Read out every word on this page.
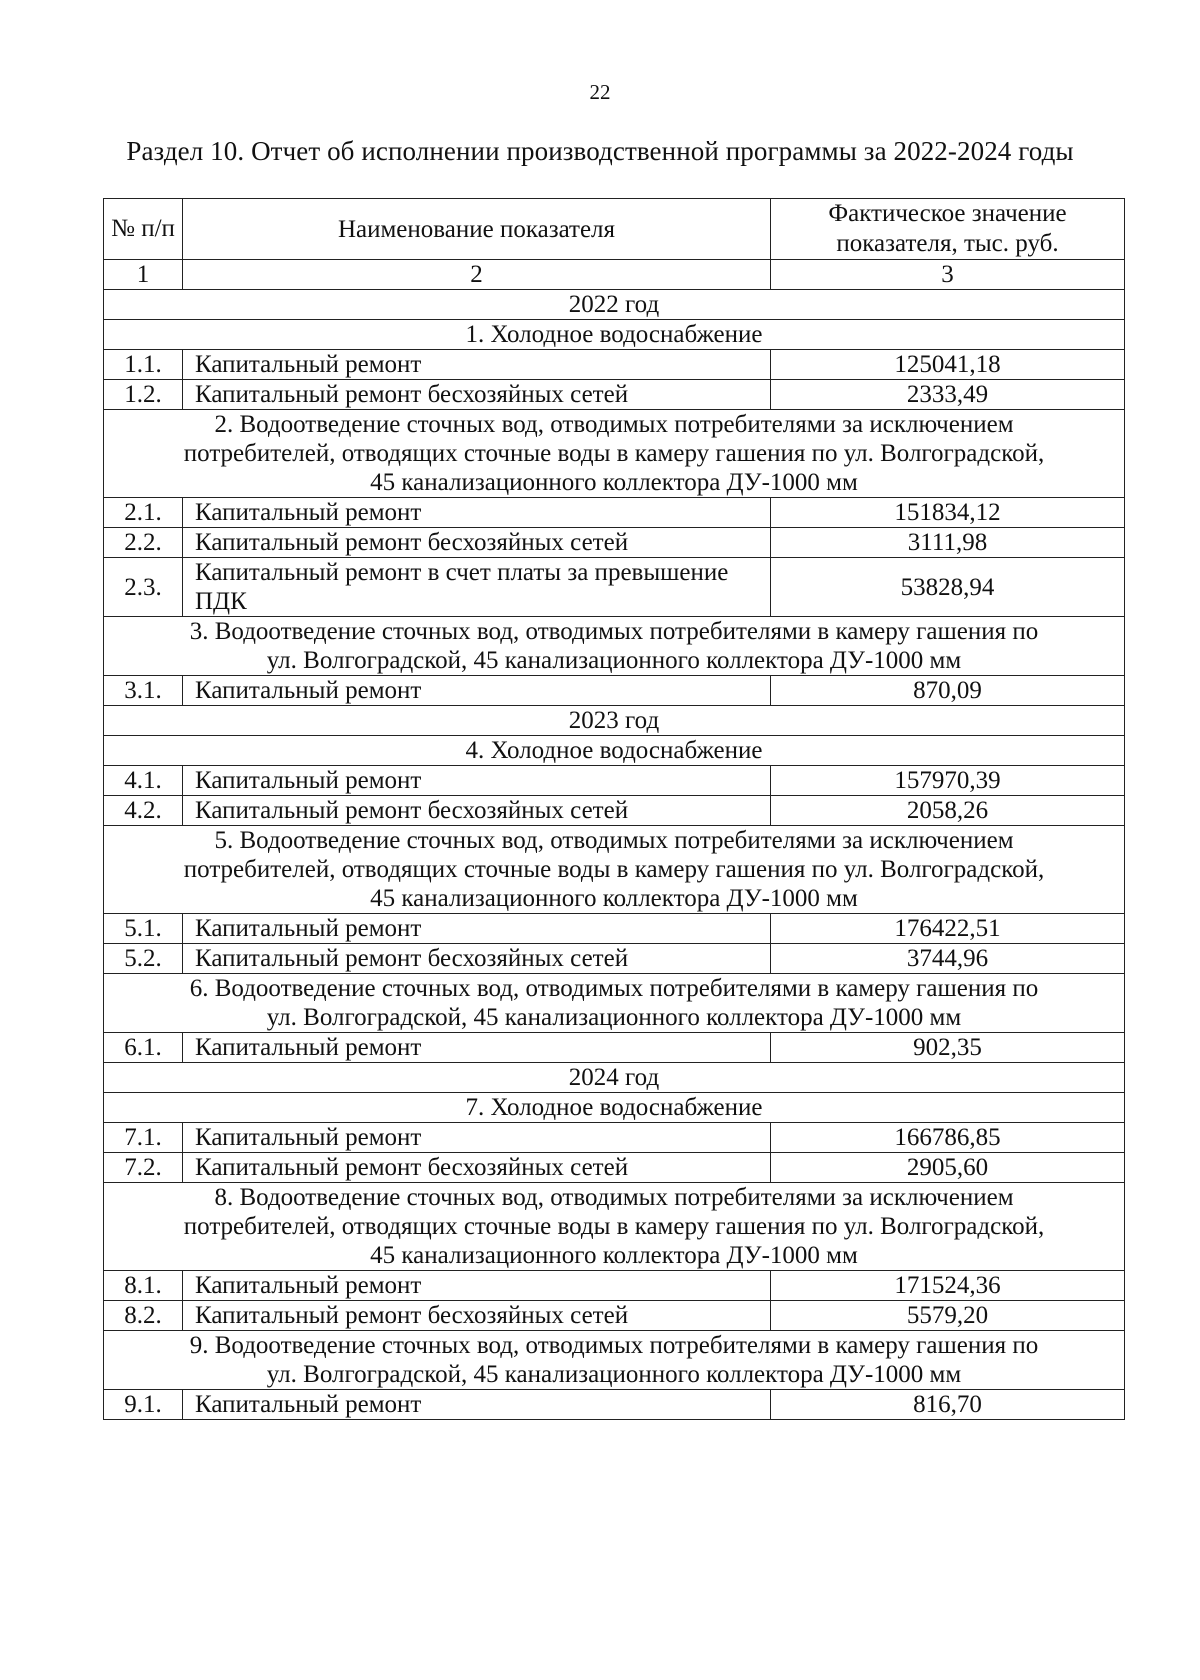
22
Раздел 10. Отчет об исполнении производственной программы за 2022-2024 годы
№ п/п	Наименование показателя	Фактическое значение показателя, тыс. руб.
1	2	3
2022 год		
1. Холодное водоснабжение		
1.1.	Капитальный ремонт	125041,18
1.2.	Капитальный ремонт бесхозяйных сетей	2333,49
2. Водоотведение сточных вод, отводимых потребителями за исключением потребителей, отводящих сточные воды в камеру гашения по ул. Волгоградской, 45 канализационного коллектора ДУ-1000 мм		
2.1.	Капитальный ремонт	151834,12
2.2.	Капитальный ремонт бесхозяйных сетей	3111,98
2.3.	Капитальный ремонт в счет платы за превышение ПДК	53828,94
3. Водоотведение сточных вод, отводимых потребителями в камеру гашения по ул. Волгоградской, 45 канализационного коллектора ДУ-1000 мм		
3.1.	Капитальный ремонт	870,09
2023 год		
4. Холодное водоснабжение		
4.1.	Капитальный ремонт	157970,39
4.2.	Капитальный ремонт бесхозяйных сетей	2058,26
5. Водоотведение сточных вод, отводимых потребителями за исключением потребителей, отводящих сточные воды в камеру гашения по ул. Волгоградской, 45 канализационного коллектора ДУ-1000 мм		
5.1.	Капитальный ремонт	176422,51
5.2.	Капитальный ремонт бесхозяйных сетей	3744,96
6. Водоотведение сточных вод, отводимых потребителями в камеру гашения по ул. Волгоградской, 45 канализационного коллектора ДУ-1000 мм		
6.1.	Капитальный ремонт	902,35
2024 год		
7. Холодное водоснабжение		
7.1.	Капитальный ремонт	166786,85
7.2.	Капитальный ремонт бесхозяйных сетей	2905,60
8. Водоотведение сточных вод, отводимых потребителями за исключением потребителей, отводящих сточные воды в камеру гашения по ул. Волгоградской, 45 канализационного коллектора ДУ-1000 мм		
8.1.	Капитальный ремонт	171524,36
8.2.	Капитальный ремонт бесхозяйных сетей	5579,20
9. Водоотведение сточных вод, отводимых потребителями в камеру гашения по ул. Волгоградской, 45 канализационного коллектора ДУ-1000 мм		
9.1.	Капитальный ремонт	816,70
